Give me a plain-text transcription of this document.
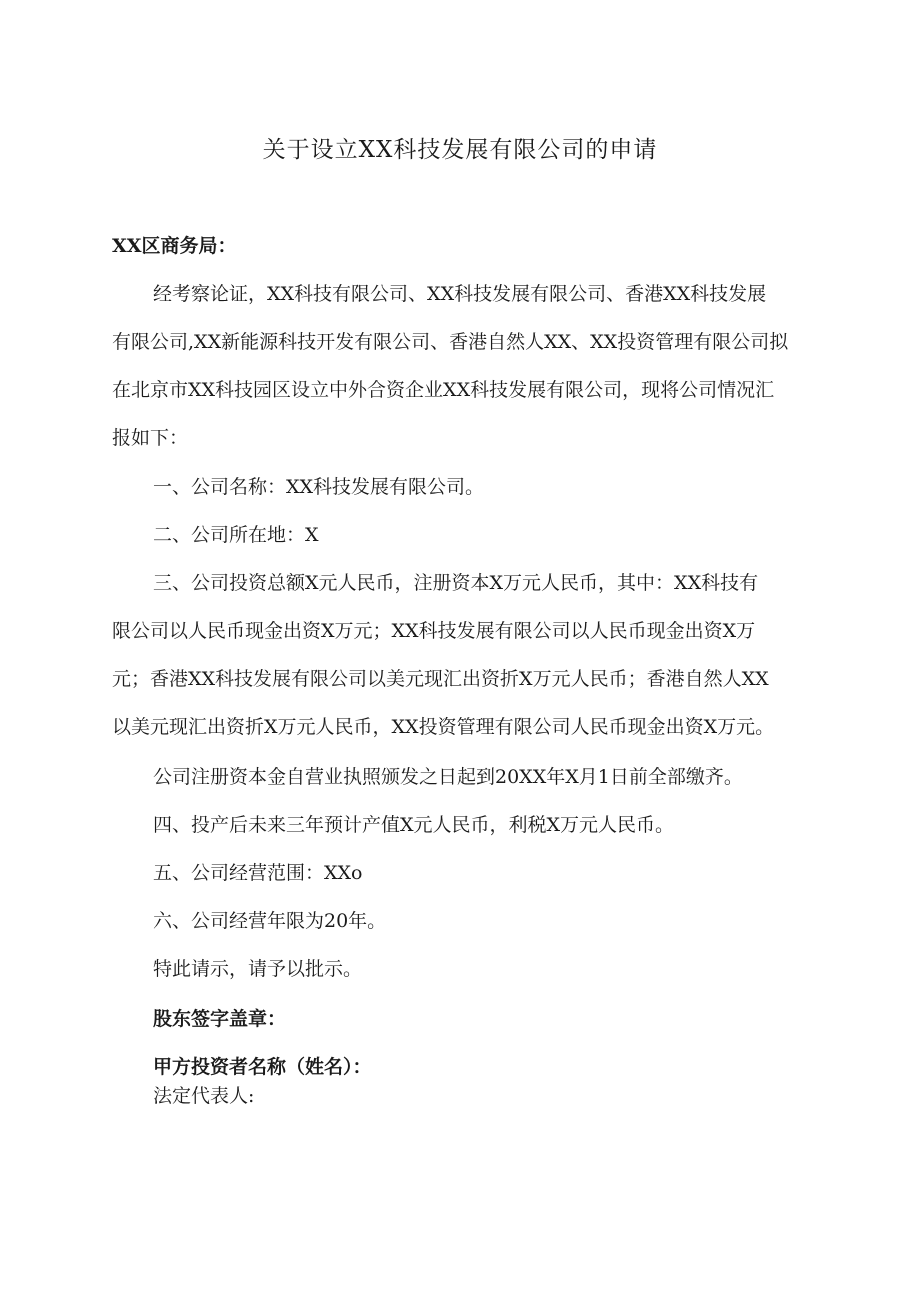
关于设立XX科技发展有限公司的申请
XX区商务局：
经考察论证，XX科技有限公司、XX科技发展有限公司、香港XX科技发展
有限公司,XX新能源科技开发有限公司、香港自然人XX、XX投资管理有限公司拟
在北京市XX科技园区设立中外合资企业XX科技发展有限公司，现将公司情况汇
报如下：
一、公司名称：XX科技发展有限公司。
二、公司所在地：X
三、公司投资总额X元人民币，注册资本X万元人民币，其中：XX科技有
限公司以人民币现金出资X万元；XX科技发展有限公司以人民币现金出资X万
元；香港XX科技发展有限公司以美元现汇出资折X万元人民币；香港自然人XX
以美元现汇出资折X万元人民币，XX投资管理有限公司人民币现金出资X万元。
公司注册资本金自营业执照颁发之日起到20XX年X月1日前全部缴齐。
四、投产后未来三年预计产值X元人民币，利税X万元人民币。
五、公司经营范围：XXo
六、公司经营年限为20年。
特此请示，请予以批示。
股东签字盖章：
甲方投资者名称（姓名）：
法定代表人:
